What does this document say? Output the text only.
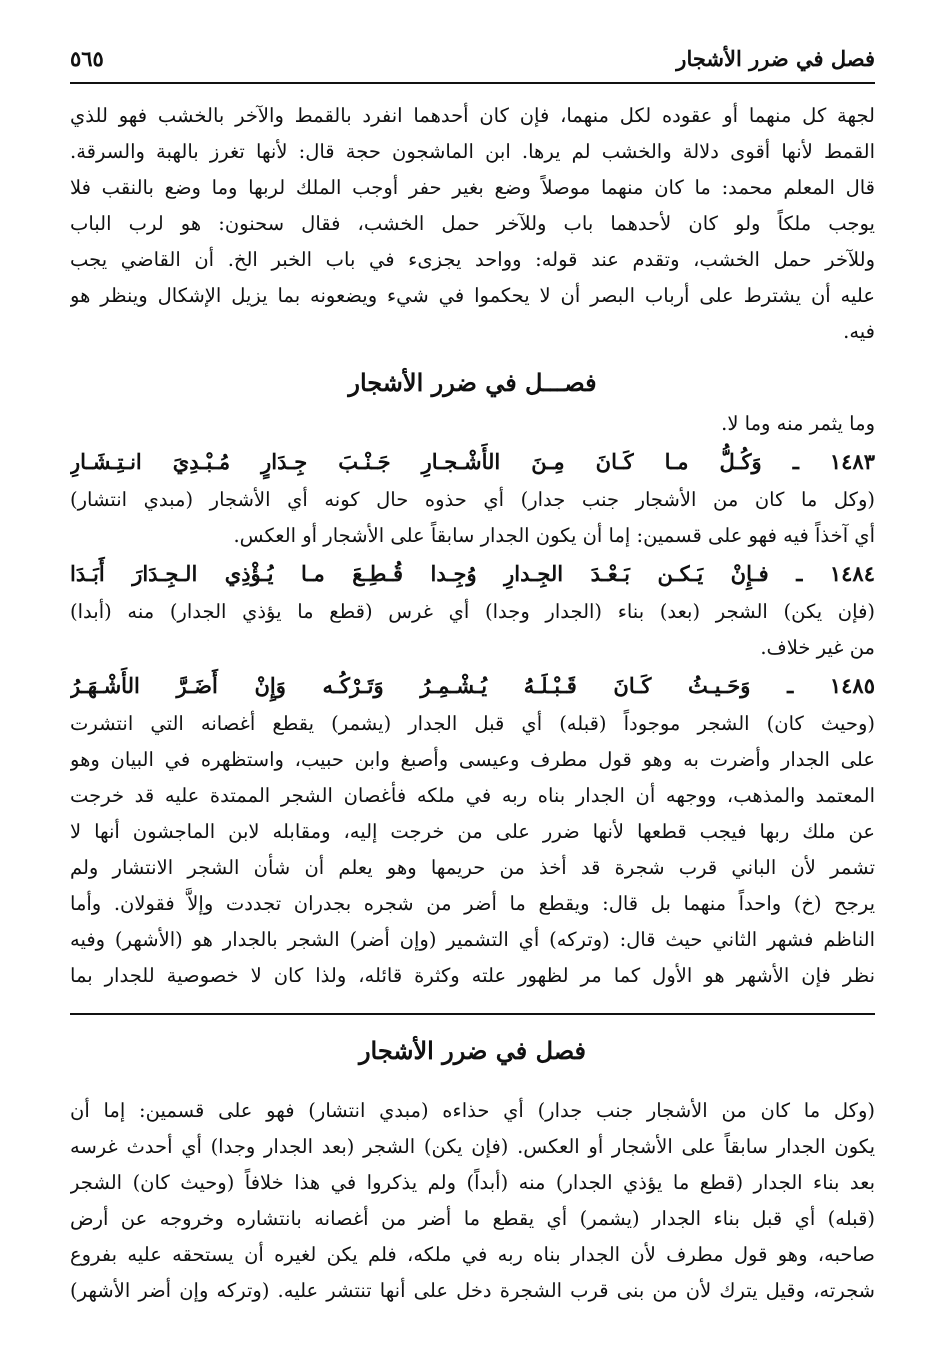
فصل في ضرر الأشجار
٥٦٥
لجهة كل منهما أو عقوده لكل منهما، فإن كان أحدهما انفرد بالقمط والآخر بالخشب فهو للذي
القمط لأنها أقوى دلالة والخشب لم يرها. ابن الماشجون حجة قال: لأنها تغرز بالهبة والسرقة.
قال المعلم محمد: ما كان منهما موصلاً وضع بغير حفر أوجب الملك لربها وما وضع بالنقب فلا
يوجب ملكاً ولو كان لأحدهما باب وللآخر حمل الخشب، فقال سحنون: هو لرب الباب
وللآخر حمل الخشب، وتقدم عند قوله: وواحد يجزىء في باب الخبر الخ. أن القاضي يجب
عليه أن يشترط على أرباب البصر أن لا يحكموا في شيء ويضعونه بما يزيل الإشكال وينظر هو
فيه.
فصـــل في ضرر الأشجار
وما يثمر منه وما لا.
١٤٨٣ ـ وَكُـلُّ مـا كَـانَ مِـنَ الأَشْـجـارِ جَـنْـبَ جِـدَارٍ مُـبْـدِيَ انـتِـشَـارِ
(وكل ما كان من الأشجار جنب جدار) أي حذوه حال كونه أي الأشجار (مبدي انتشار)
أي آخذاً فيه فهو على قسمين: إما أن يكون الجدار سابقاً على الأشجار أو العكس.
١٤٨٤ ـ فـإِنْ يَـكـن بَـعْـدَ الجِـدارِ وُجِـدا قُـطِـعَ مـا يُـؤْذِي الـجِـدَارَ أَبَـدَا
(فإن يكن) الشجر (بعد) بناء (الجدار وجدا) أي غرس (قطع ما يؤذي الجدار) منه (أبدا)
من غير خلاف.
١٤٨٥ ـ وَحَـيـثُ كَـانَ قَـبْـلَـهُ يُـشْـمِـرُ وَتَـرْكُـه وَإِنْ أَضَـرَّ الأَشْـهَـرُ
(وحيث كان) الشجر موجوداً (قبله) أي قبل الجدار (يشمر) يقطع أغصانه التي انتشرت
على الجدار وأضرت به وهو قول مطرف وعيسى وأصبغ وابن حبيب، واستظهره في البيان وهو
المعتمد والمذهب، ووجهه أن الجدار بناه ربه في ملكه فأغصان الشجر الممتدة عليه قد خرجت
عن ملك ربها فيجب قطعها لأنها ضرر على من خرجت إليه، ومقابله لابن الماجشون أنها لا
تشمر لأن الباني قرب شجرة قد أخذ من حريمها وهو يعلم أن شأن الشجر الانتشار ولم
يرجح (خ) واحداً منهما بل قال: ويقطع ما أضر من شجره بجدران تجددت وإلاَّ فقولان. وأما
الناظم فشهر الثاني حيث قال: (وتركه) أي التشمير (وإن أضر) الشجر بالجدار هو (الأشهر) وفيه
نظر فإن الأشهر هو الأول كما مر لظهور علته وكثرة قائله، ولذا كان لا خصوصية للجدار بما
فصل في ضرر الأشجار
(وكل ما كان من الأشجار جنب جدار) أي حذاءه (مبدي انتشار) فهو على قسمين: إما أن
يكون الجدار سابقاً على الأشجار أو العكس. (فإن يكن) الشجر (بعد الجدار وجدا) أي أحدث غرسه
بعد بناء الجدار (قطع ما يؤذي الجدار) منه (أبداً) ولم يذكروا في هذا خلافاً (وحيث كان) الشجر
(قبله) أي قبل بناء الجدار (يشمر) أي يقطع ما أضر من أغصانه بانتشاره وخروجه عن أرض
صاحبه، وهو قول مطرف لأن الجدار بناه ربه في ملكه، فلم يكن لغيره أن يستحقه عليه بفروع
شجرته، وقيل يترك لأن من بنى قرب الشجرة دخل على أنها تنتشر عليه. (وتركه وإن أضر الأشهر)
